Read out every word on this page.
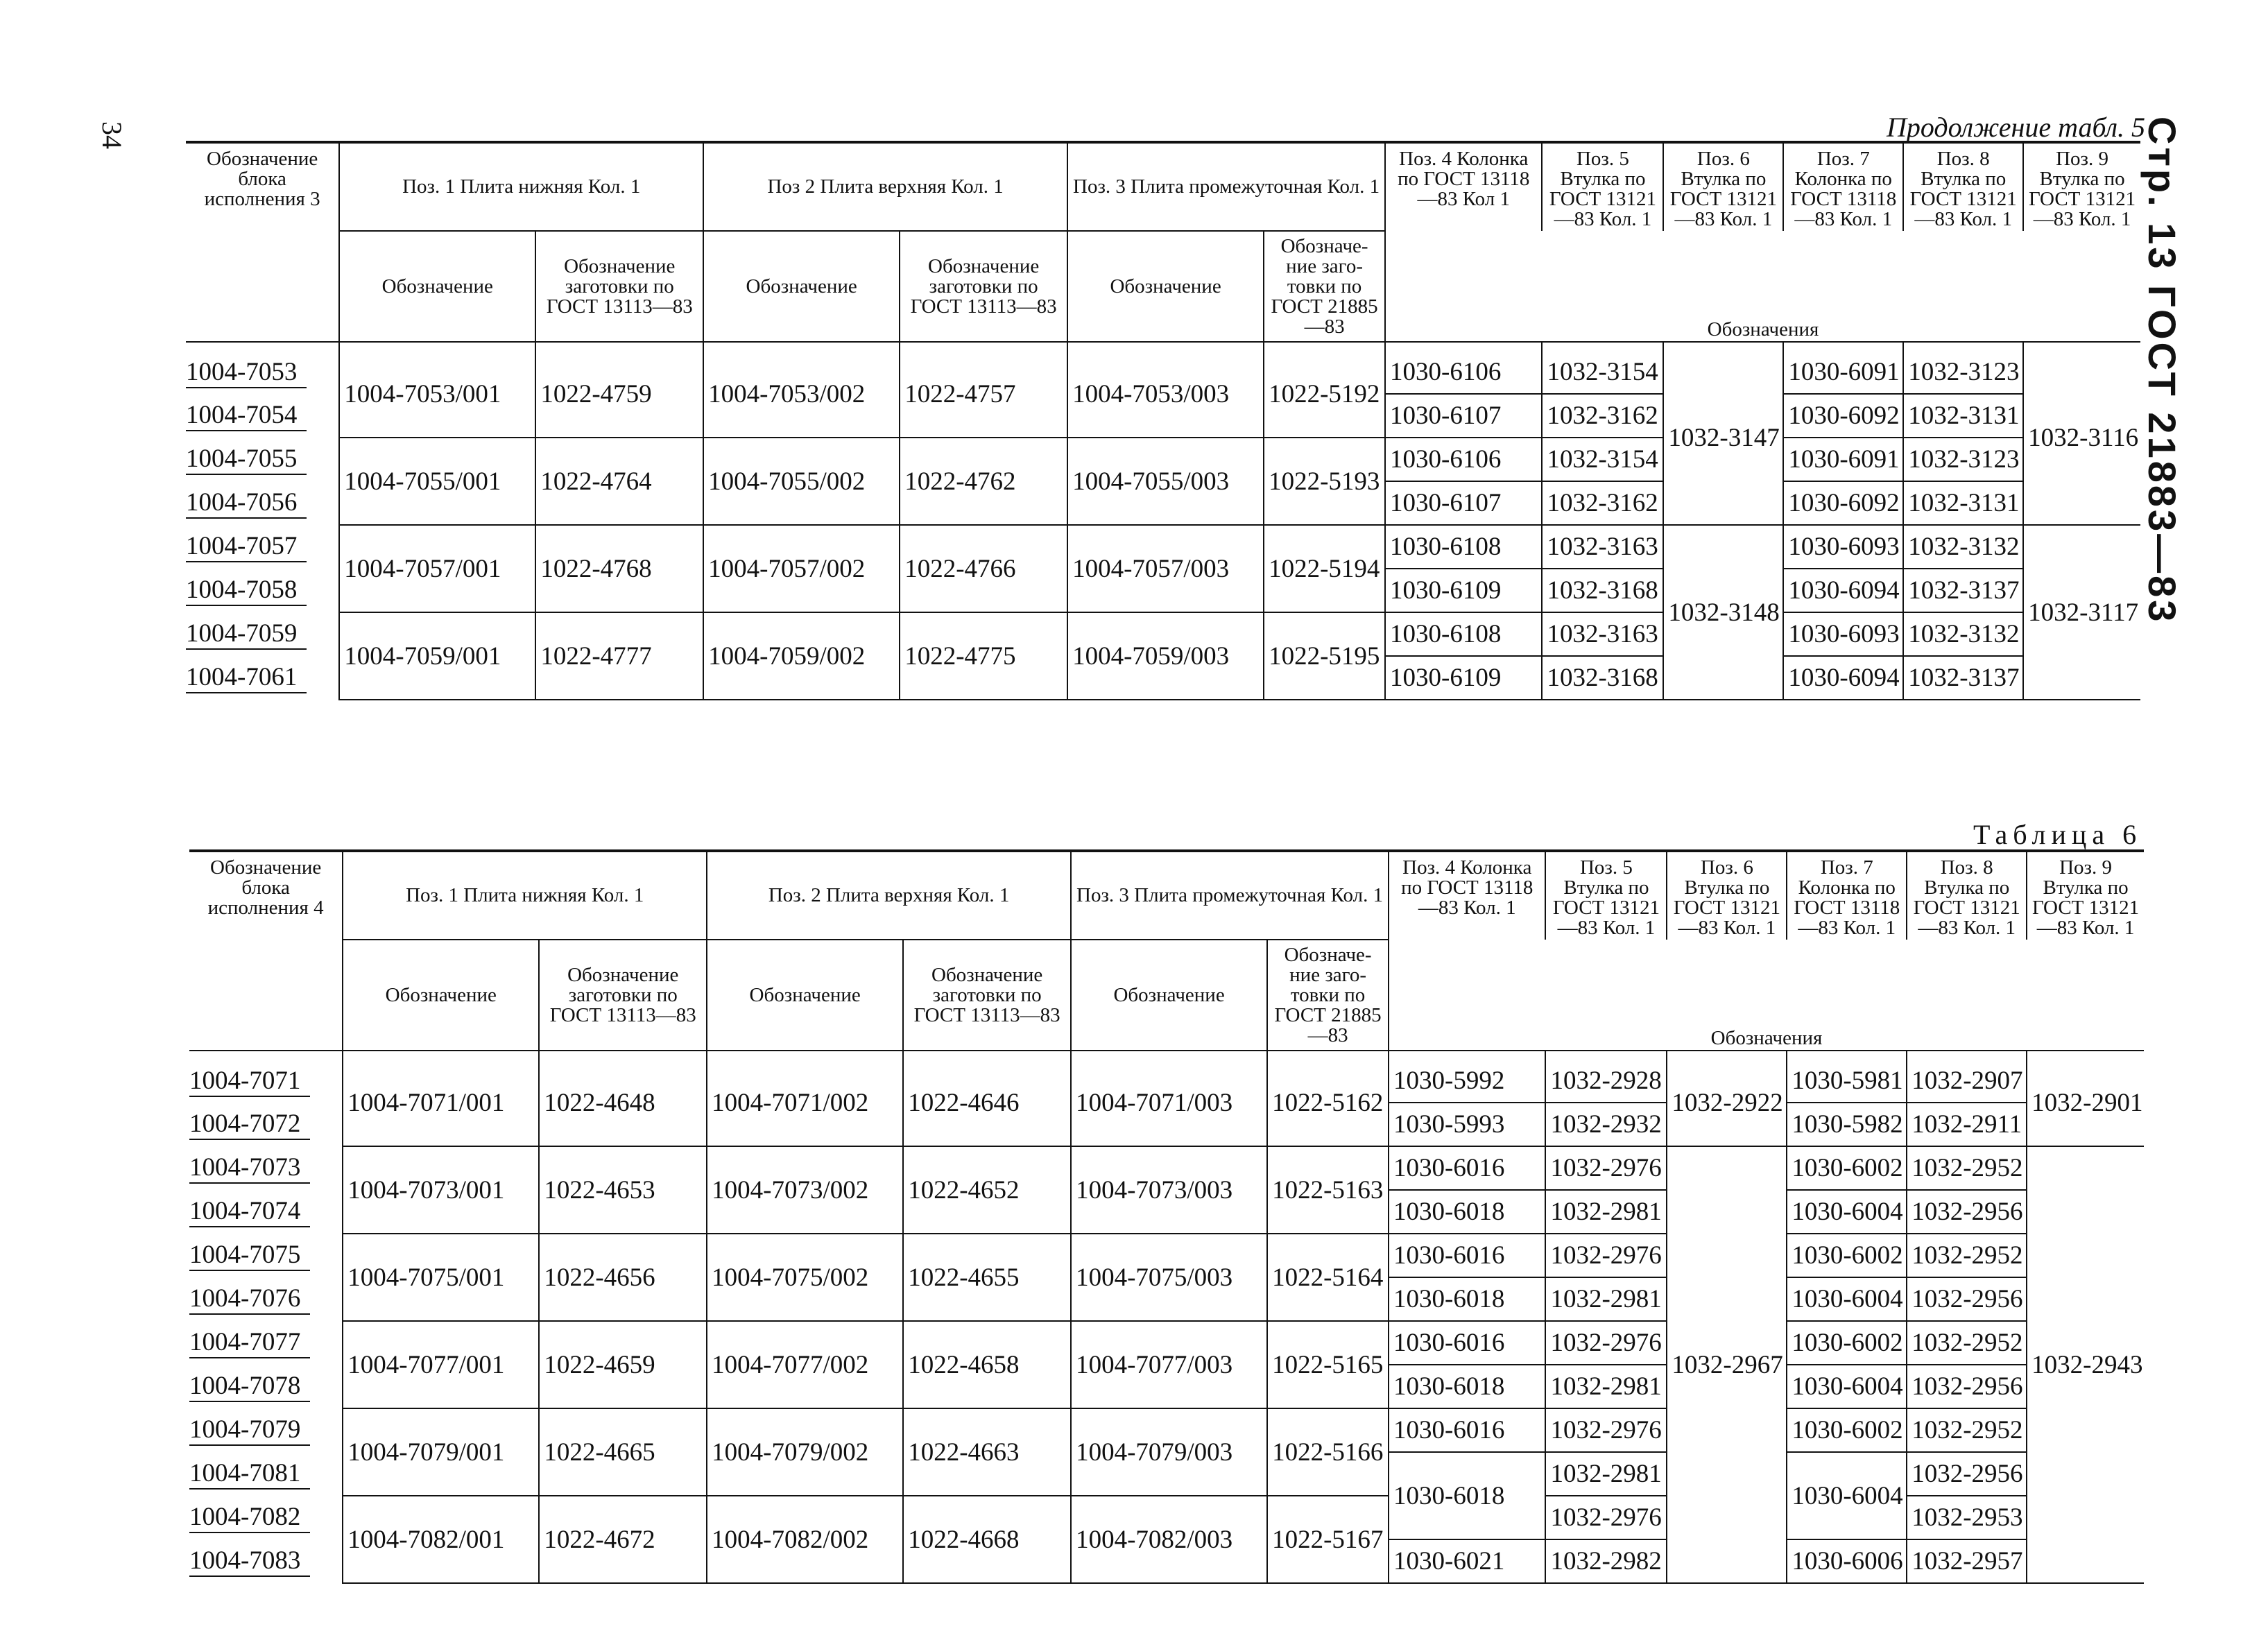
34	Стр. 13 ГОСТ 21883—83
Продолжение табл. 5
Таблица 6
Обозначение блока исполнения 3	Поз. 1 Плита нижняя Кол. 1		Поз 2 Плита верхняя Кол. 1		Поз. 3 Плита промежуточная Кол. 1		Поз. 4 Колонка по ГОСТ 13118—83 Кол 1	Поз. 5 Втулка по ГОСТ 13121—83 Кол. 1	Поз. 6 Втулка по ГОСТ 13121—83 Кол. 1	Поз. 7 Колонка по ГОСТ 13118—83 Кол. 1	Поз. 8 Втулка по ГОСТ 13121—83 Кол. 1	Поз. 9 Втулка по ГОСТ 13121—83 Кол. 1
	Обозначение	Обозначение заготовки по ГОСТ 13113—83	Обозначение	Обозначение заготовки по ГОСТ 13113—83	Обозначение	Обозначе-ние заго-товки по ГОСТ 21885—83	Обозначения					

1004-7053	1004-7053/001	1022-4759	1004-7053/002	1022-4757	1004-7053/003	1022-5192	1030-6106	1032-3154	1032-3147	1030-6091	1032-3123	1032-3116
1004-7054							1030-6107	1032-3162		1030-6092	1032-3131	
1004-7055	1004-7055/001	1022-4764	1004-7055/002	1022-4762	1004-7055/003	1022-5193	1030-6106	1032-3154		1030-6091	1032-3123	
1004-7056							1030-6107	1032-3162		1030-6092	1032-3131	
1004-7057	1004-7057/001	1022-4768	1004-7057/002	1022-4766	1004-7057/003	1022-5194	1030-6108	1032-3163	1032-3148	1030-6093	1032-3132	1032-3117
1004-7058							1030-6109	1032-3168		1030-6094	1032-3137	
1004-7059	1004-7059/001	1022-4777	1004-7059/002	1022-4775	1004-7059/003	1022-5195	1030-6108	1032-3163		1030-6093	1032-3132	
1004-7061							1030-6109	1032-3168		1030-6094	1032-3137	
Обозначение блока исполнения 4	Поз. 1 Плита нижняя Кол. 1		Поз. 2 Плита верхняя Кол. 1		Поз. 3 Плита промежуточная Кол. 1		Поз. 4 Колонка по ГОСТ 13118—83 Кол. 1	Поз. 5 Втулка по ГОСТ 13121—83 Кол. 1	Поз. 6 Втулка по ГОСТ 13121—83 Кол. 1	Поз. 7 Колонка по ГОСТ 13118—83 Кол. 1	Поз. 8 Втулка по ГОСТ 13121—83 Кол. 1	Поз. 9 Втулка по ГОСТ 13121—83 Кол. 1
	Обозначение	Обозначение заготовки по ГОСТ 13113—83	Обозначение	Обозначение заготовки по ГОСТ 13113—83	Обозначение	Обозначе-ние заго-товки по ГОСТ 21885—83	Обозначения					

1004-7071	1004-7071/001	1022-4648	1004-7071/002	1022-4646	1004-7071/003	1022-5162	1030-5992	1032-2928	1032-2922	1030-5981	1032-2907	1032-2901
1004-7072							1030-5993	1032-2932		1030-5982	1032-2911	
1004-7073	1004-7073/001	1022-4653	1004-7073/002	1022-4652	1004-7073/003	1022-5163	1030-6016	1032-2976	1032-2967	1030-6002	1032-2952	1032-2943
1004-7074							1030-6018	1032-2981		1030-6004	1032-2956	
1004-7075	1004-7075/001	1022-4656	1004-7075/002	1022-4655	1004-7075/003	1022-5164	1030-6016	1032-2976		1030-6002	1032-2952	
1004-7076							1030-6018	1032-2981		1030-6004	1032-2956	
1004-7077	1004-7077/001	1022-4659	1004-7077/002	1022-4658	1004-7077/003	1022-5165	1030-6016	1032-2976		1030-6002	1032-2952	
1004-7078							1030-6018	1032-2981		1030-6004	1032-2956	
1004-7079	1004-7079/001	1022-4665	1004-7079/002	1022-4663	1004-7079/003	1022-5166	1030-6016	1032-2976		1030-6002	1032-2952	
1004-7081							1030-6018	1032-2981		1030-6004	1032-2956	
1004-7082	1004-7082/001	1022-4672	1004-7082/002	1022-4668	1004-7082/003	1022-5167		1032-2976			1032-2953	
1004-7083							1030-6021	1032-2982		1030-6006	1032-2957	
